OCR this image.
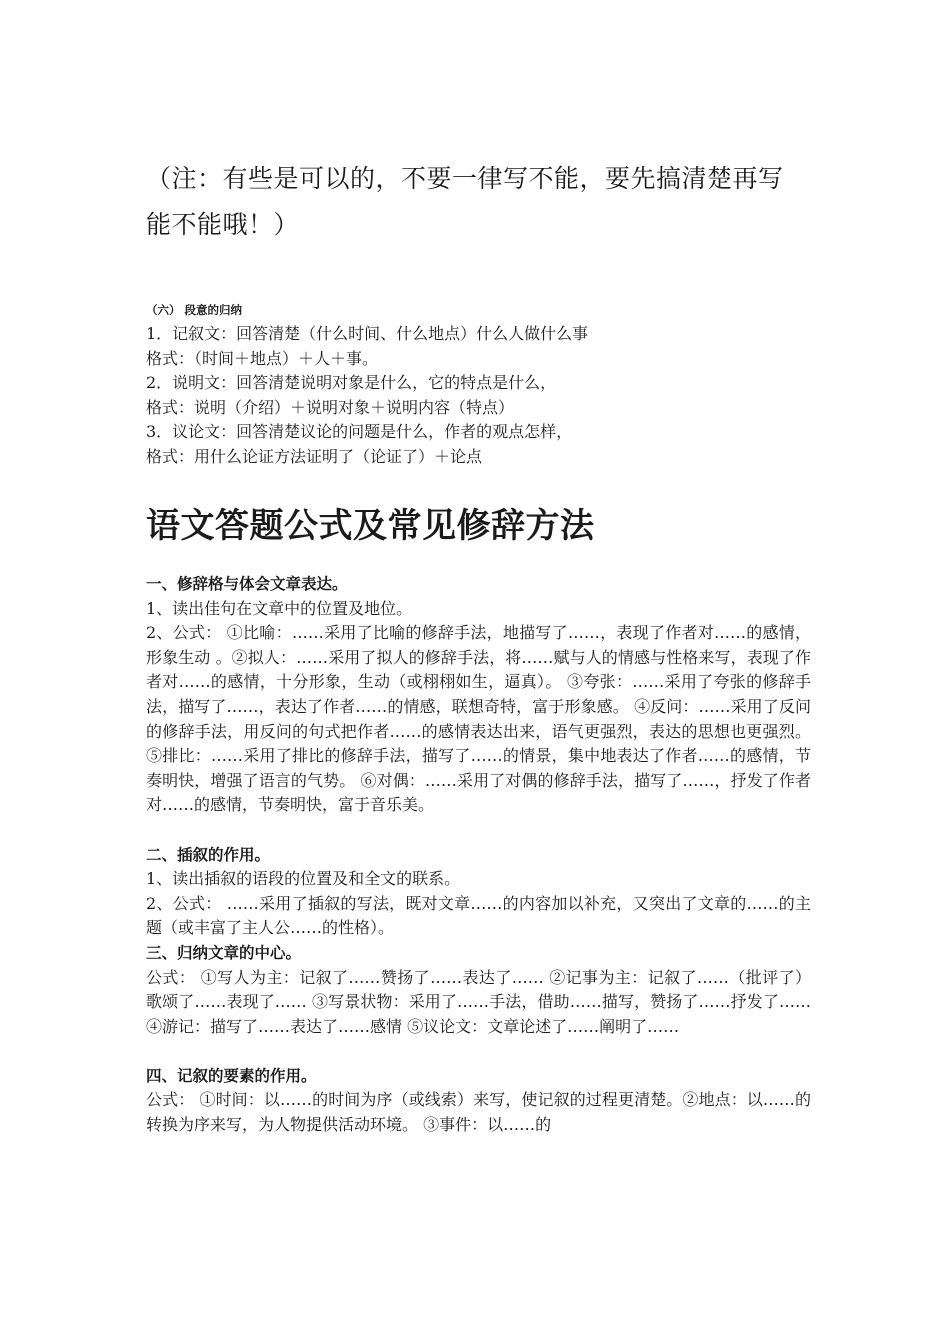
（注：有些是可以的，不要一律写不能，要先搞清楚再写

能不能哦！）

（六） 段意的归纳

1．记叙文：回答清楚（什么时间、什么地点）什么人做什么事
格式：（时间＋地点）＋人＋事。
2．说明文：回答清楚说明对象是什么，它的特点是什么，
格式：说明（介绍）＋说明对象＋说明内容（特点）
3．议论文：回答清楚议论的问题是什么，作者的观点怎样，
格式：用什么论证方法证明了（论证了）＋论点
语文答题公式及常见修辞方法
一、修辞格与体会文章表达。
1、读出佳句在文章中的位置及地位。
2、公式： ①比喻：……采用了比喻的修辞手法，地描写了……，表现了作者对……的感情，形象生动 。②拟人：……采用了拟人的修辞手法，将……赋与人的情感与性格来写，表现了作者对……的感情，十分形象，生动（或栩栩如生，逼真）。 ③夸张：……采用了夸张的修辞手法，描写了……，表达了作者……的情感，联想奇特，富于形象感。 ④反问：……采用了反问的修辞手法，用反问的句式把作者……的感情表达出来，语气更强烈，表达的思想也更强烈。 ⑤排比：……采用了排比的修辞手法，描写了……的情景，集中地表达了作者……的感情，节奏明快，增强了语言的气势。 ⑥对偶：……采用了对偶的修辞手法，描写了……，抒发了作者对……的感情，节奏明快，富于音乐美。
二、插叙的作用。
1、读出插叙的语段的位置及和全文的联系。
2、公式： ……采用了插叙的写法，既对文章……的内容加以补充，又突出了文章的……的主题（或丰富了主人公……的性格）。
三、归纳文章的中心。
公式： ①写人为主：记叙了……赞扬了……表达了…… ②记事为主：记叙了……（批评了）歌颂了……表现了…… ③写景状物：采用了……手法，借助……描写，赞扬了……抒发了…… ④游记：描写了……表达了……感情 ⑤议论文：文章论述了……阐明了……
四、记叙的要素的作用。
公式： ①时间：以……的时间为序（或线索）来写，使记叙的过程更清楚。②地点：以……的转换为序来写，为人物提供活动环境。 ③事件：以……的
